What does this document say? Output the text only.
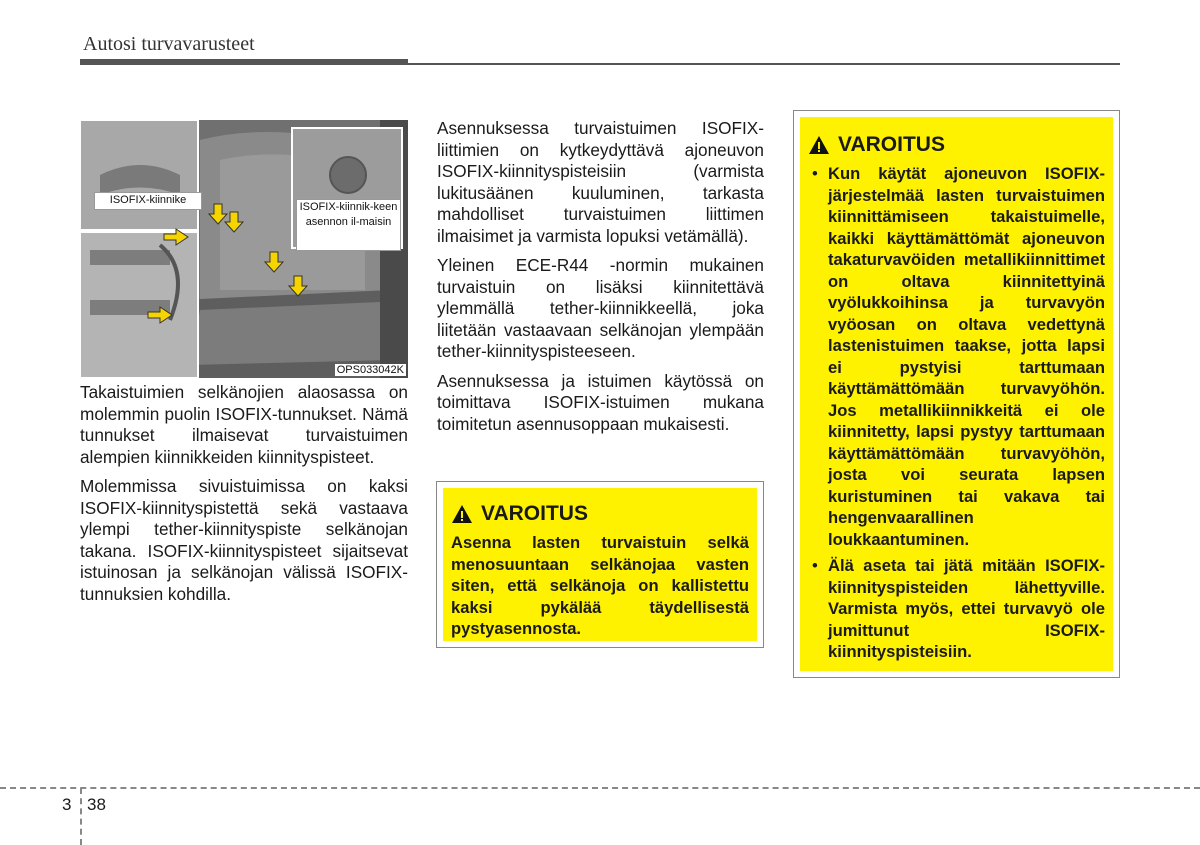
Autosi turvavarusteet
ISOFIX-kiinnike
ISOFIX-kiinnik-keen asennon il-maisin
OPS033042K

Takaistuimien selkänojien alaosassa on molemmin puolin ISOFIX-tunnukset. Nämä tunnukset ilmaisevat turvaistuimen alempien kiinnikkeiden kiinnityspisteet.

Molemmissa sivuistuimissa on kaksi ISOFIX-kiinnityspistettä sekä vastaava ylempi tether-kiinnityspiste selkänojan takana. ISOFIX-kiinnityspisteet sijaitsevat istuinosan ja selkänojan välissä ISOFIX-tunnuksien kohdilla.

Asennuksessa turvaistuimen ISOFIX-liittimien on kytkeydyttävä ajoneuvon ISOFIX-kiinnityspisteisiin (varmista lukitusäänen kuuluminen, tarkasta mahdolliset turvaistuimen liittimen ilmaisimet ja varmista lopuksi vetämällä).

Yleinen ECE-R44 -normin mukainen turvaistuin on lisäksi kiinnitettävä ylemmällä tether-kiinnikkeellä, joka liitetään vastaavaan selkänojan ylempään tether-kiinnityspisteeseen.

Asennuksessa ja istuimen käytössä on toimittava ISOFIX-istuimen mukana toimitetun asennusoppaan mukaisesti.

VAROITUS
Asenna lasten turvaistuin selkä menosuuntaan selkänojaa vasten siten, että selkänoja on kallistettu kaksi pykälää täydellisestä pystyasennosta.
VAROITUS
• Kun käytät ajoneuvon ISOFIX-järjestelmää lasten turvaistuimen kiinnittämiseen takaistuimelle, kaikki käyttämättömät ajoneuvon takaturvavöiden metallikiinnittimet on oltava kiinnitettyinä vyölukkoihinsa ja turvavyön vyöosan on oltava vedettynä lastenistuimen taakse, jotta lapsi ei pystyisi tarttumaan käyttämättömään turvavyöhön. Jos metallikiinnikkeitä ei ole kiinnitetty, lapsi pystyy tarttumaan käyttämättömään turvavyöhön, josta voi seurata lapsen kuristuminen tai vakava tai hengenvaarallinen loukkaantuminen.
• Älä aseta tai jätä mitään ISOFIX-kiinnityspisteiden lähettyville. Varmista myös, ettei turvavyö ole jumittunut ISOFIX-kiinnityspisteisiin.
3 38
